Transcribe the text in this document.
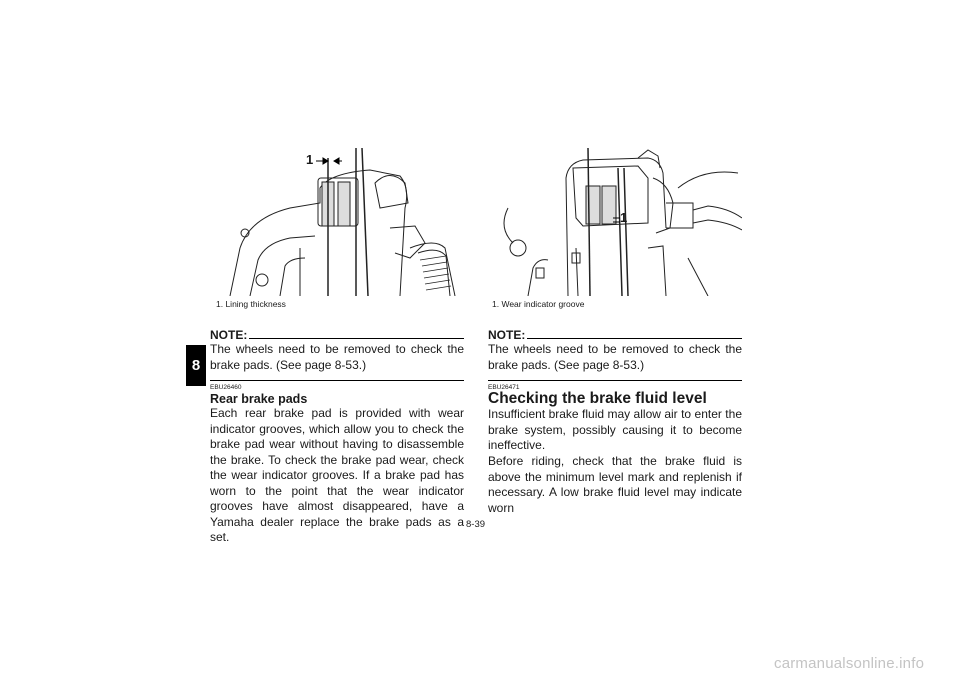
8
1
1. Lining thickness
NOTE:
The wheels need to be removed to check the brake pads. (See page 8-53.)
EBU26460
Rear brake pads

Each rear brake pad is provided with wear indicator grooves, which allow you to check the brake pad wear without having to disassemble the brake. To check the brake pad wear, check the wear indicator grooves. If a brake pad has worn to the point that the wear indicator grooves have almost disappeared, have a Yamaha dealer replace the brake pads as a set.

1
1. Wear indicator groove
NOTE:
The wheels need to be removed to check the brake pads. (See page 8-53.)
EBU26471
Checking the brake fluid level

Insufficient brake fluid may allow air to enter the brake system, possibly causing it to become ineffective.

Before riding, check that the brake fluid is above the minimum level mark and replenish if necessary. A low brake fluid level may indicate worn

8-39
carmanualsonline.info
